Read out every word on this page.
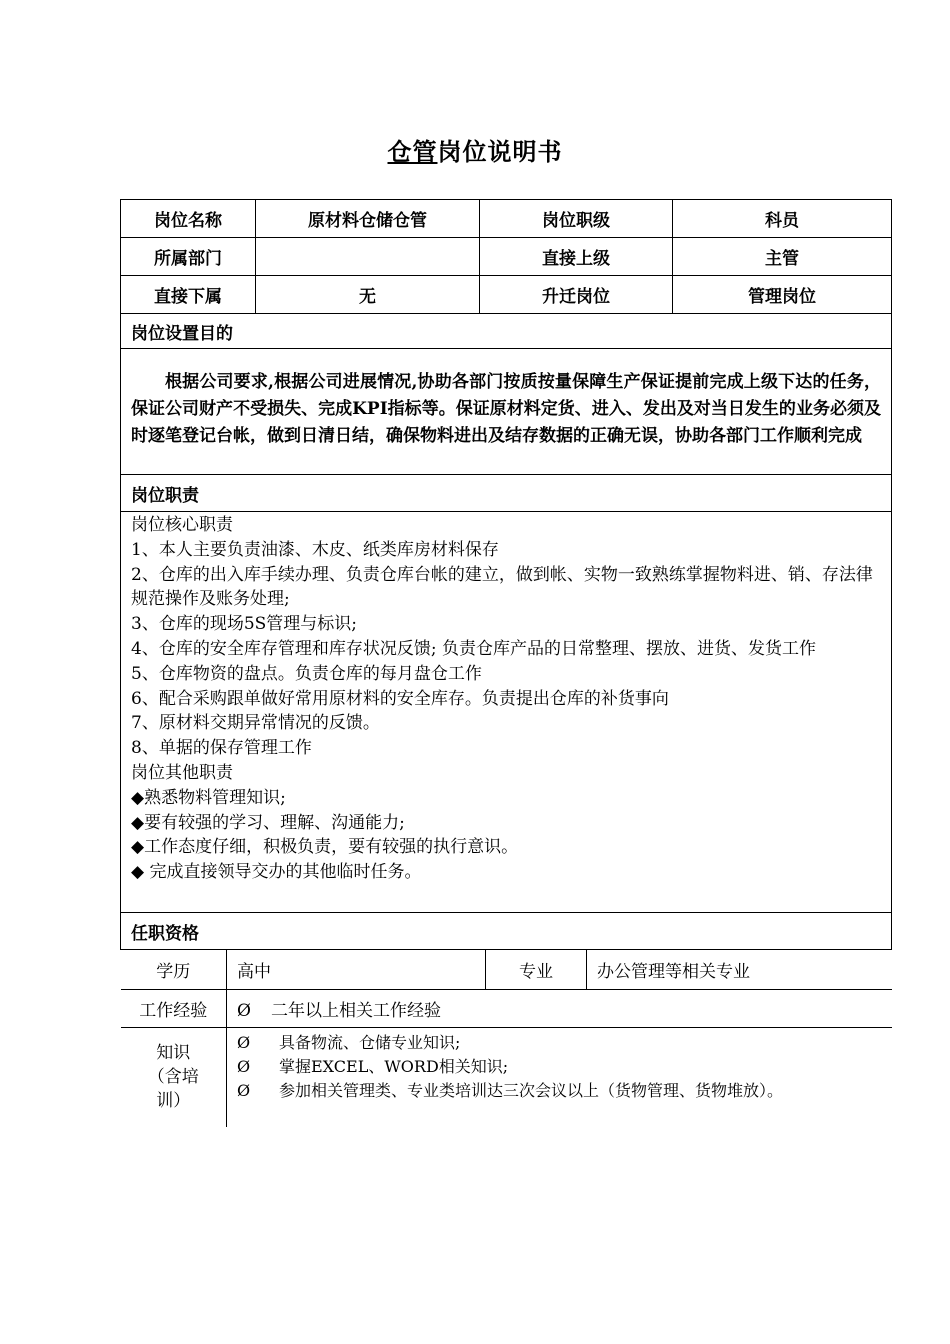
仓管岗位说明书
岗位名称	原材料仓储仓管	岗位职级	科员
所属部门		直接上级	主管
直接下属	无	升迁岗位	管理岗位
岗位设置目的
根据公司要求,根据公司进展情况,协助各部门按质按量保障生产保证提前完成上级下达的任务，保证公司财产不受损失、完成KPI指标等。保证原材料定货、进入、发出及对当日发生的业务必须及时逐笔登记台帐，做到日清日结，确保物料进出及结存数据的正确无误，协助各部门工作顺利完成
岗位职责

岗位核心职责
1、本人主要负责油漆、木皮、纸类库房材料保存
2、仓库的出入库手续办理、负责仓库台帐的建立，做到帐、实物一致熟练掌握物料进、销、存法律规范操作及账务处理;
3、仓库的现场5S管理与标识;
4、仓库的安全库存管理和库存状况反馈; 负责仓库产品的日常整理、摆放、进货、发货工作
5、仓库物资的盘点。负责仓库的每月盘仓工作
6、配合采购跟单做好常用原材料的安全库存。负责提出仓库的补货事向
7、原材料交期异常情况的反馈。
8、单据的保存管理工作
岗位其他职责
◆熟悉物料管理知识;
◆要有较强的学习、理解、沟通能力;
◆工作态度仔细，积极负责，要有较强的执行意识。
◆ 完成直接领导交办的其他临时任务。

任职资格

学历	高中	专业	办公管理等相关专业
工作经验	Ø 二年以上相关工作经验
知识（含培训）	
Ø	具备物流、仓储专业知识;
Ø	掌握EXCEL、WORD相关知识;
Ø	参加相关管理类、专业类培训达三次会议以上（货物管理、货物堆放）。
